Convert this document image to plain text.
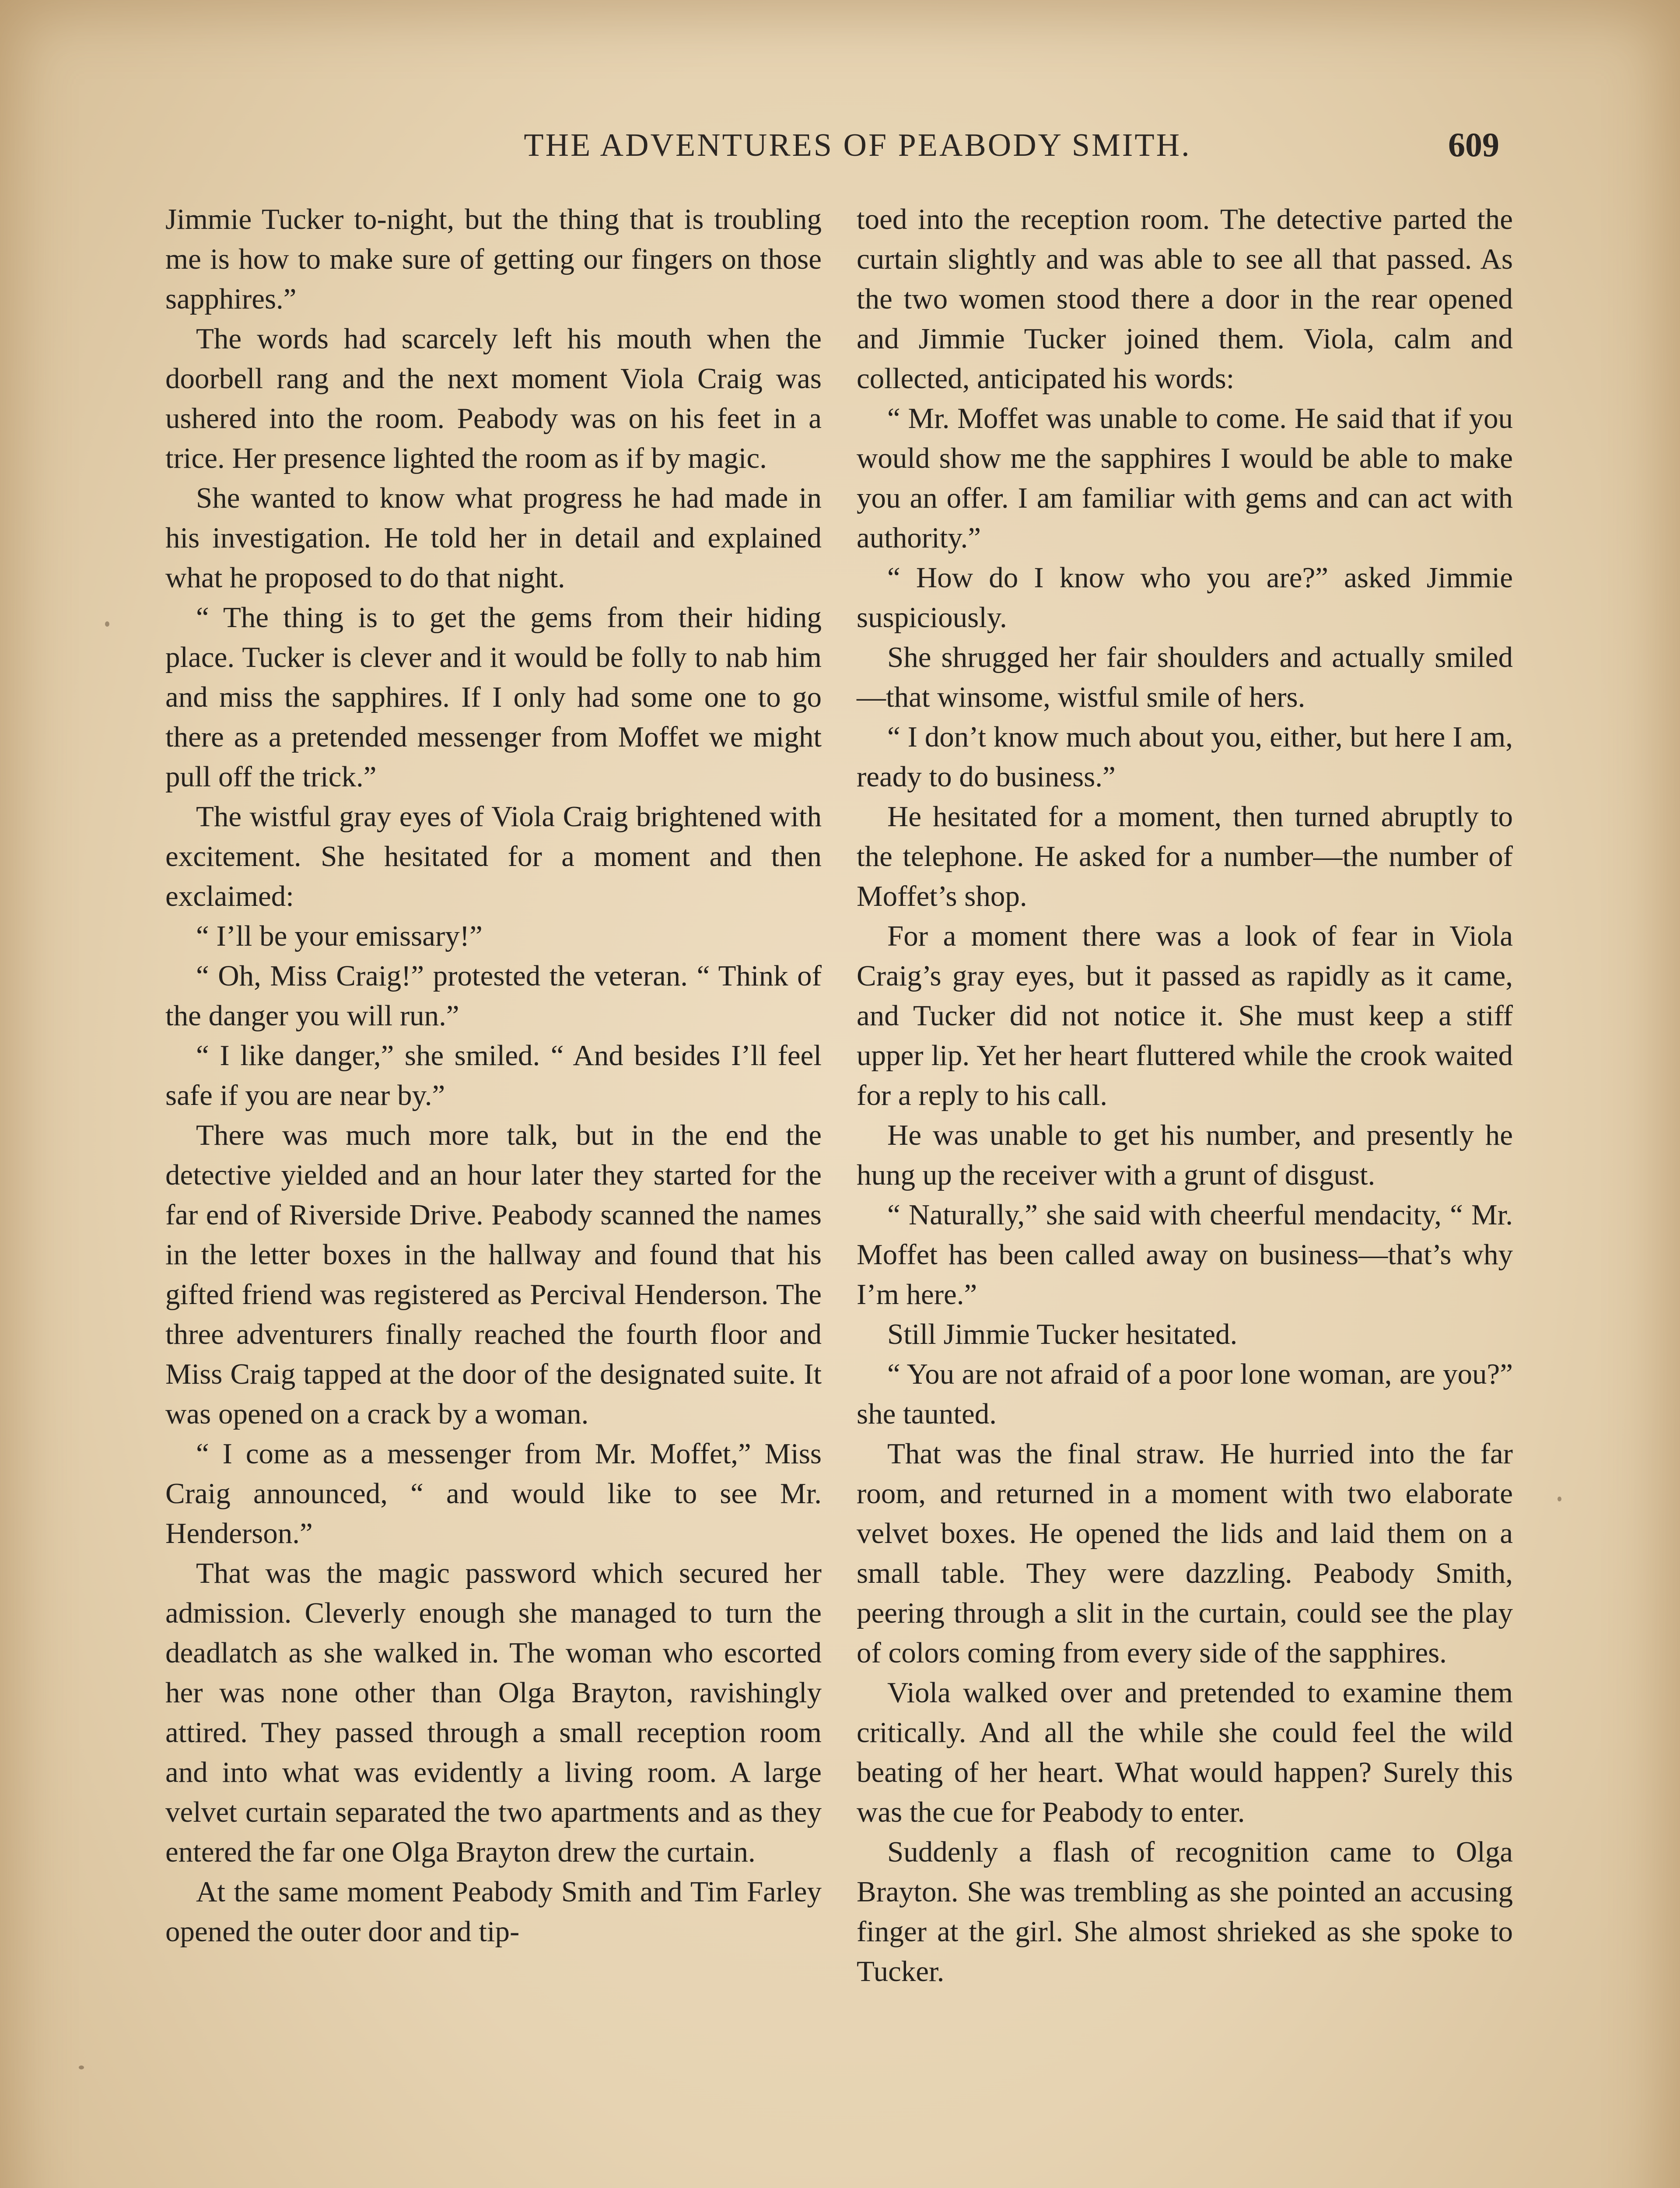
THE ADVENTURES OF PEABODY SMITH.	609

Jimmie Tucker to-night, but the thing that is troubling me is how to make sure of getting our fingers on those sapphires.”

The words had scarcely left his mouth when the doorbell rang and the next moment Viola Craig was ushered into the room. Peabody was on his feet in a trice. Her presence lighted the room as if by magic.

She wanted to know what progress he had made in his investigation. He told her in detail and explained what he proposed to do that night.

“ The thing is to get the gems from their hiding place. Tucker is clever and it would be folly to nab him and miss the sapphires. If I only had some one to go there as a pretended messenger from Moffet we might pull off the trick.”

The wistful gray eyes of Viola Craig brightened with excitement. She hesitated for a moment and then exclaimed:

“ I’ll be your emissary!”

“ Oh, Miss Craig!” protested the veteran. “ Think of the danger you will run.”

“ I like danger,” she smiled. “ And besides I’ll feel safe if you are near by.”

There was much more talk, but in the end the detective yielded and an hour later they started for the far end of Riverside Drive. Peabody scanned the names in the letter boxes in the hallway and found that his gifted friend was registered as Percival Henderson. The three adventurers finally reached the fourth floor and Miss Craig tapped at the door of the designated suite. It was opened on a crack by a woman.

“ I come as a messenger from Mr. Moffet,” Miss Craig announced, “ and would like to see Mr. Henderson.”

That was the magic password which secured her admission. Cleverly enough she managed to turn the deadlatch as she walked in. The woman who escorted her was none other than Olga Brayton, ravishingly attired. They passed through a small reception room and into what was evidently a living room. A large velvet curtain separated the two apartments and as they entered the far one Olga Brayton drew the curtain.

At the same moment Peabody Smith and Tim Farley opened the outer door and tip-

toed into the reception room. The detective parted the curtain slightly and was able to see all that passed. As the two women stood there a door in the rear opened and Jimmie Tucker joined them. Viola, calm and collected, anticipated his words:

“ Mr. Moffet was unable to come. He said that if you would show me the sapphires I would be able to make you an offer. I am familiar with gems and can act with authority.”

“ How do I know who you are?” asked Jimmie suspiciously.

She shrugged her fair shoulders and actually smiled—that winsome, wistful smile of hers.

“ I don’t know much about you, either, but here I am, ready to do business.”

He hesitated for a moment, then turned abruptly to the telephone. He asked for a number—the number of Moffet’s shop.

For a moment there was a look of fear in Viola Craig’s gray eyes, but it passed as rapidly as it came, and Tucker did not notice it. She must keep a stiff upper lip. Yet her heart fluttered while the crook waited for a reply to his call.

He was unable to get his number, and presently he hung up the receiver with a grunt of disgust.

“ Naturally,” she said with cheerful mendacity, “ Mr. Moffet has been called away on business—that’s why I’m here.”

Still Jimmie Tucker hesitated.

“ You are not afraid of a poor lone woman, are you?” she taunted.

That was the final straw. He hurried into the far room, and returned in a moment with two elaborate velvet boxes. He opened the lids and laid them on a small table. They were dazzling. Peabody Smith, peering through a slit in the curtain, could see the play of colors coming from every side of the sapphires.

Viola walked over and pretended to examine them critically. And all the while she could feel the wild beating of her heart. What would happen? Surely this was the cue for Peabody to enter.

Suddenly a flash of recognition came to Olga Brayton. She was trembling as she pointed an accusing finger at the girl. She almost shrieked as she spoke to Tucker.
